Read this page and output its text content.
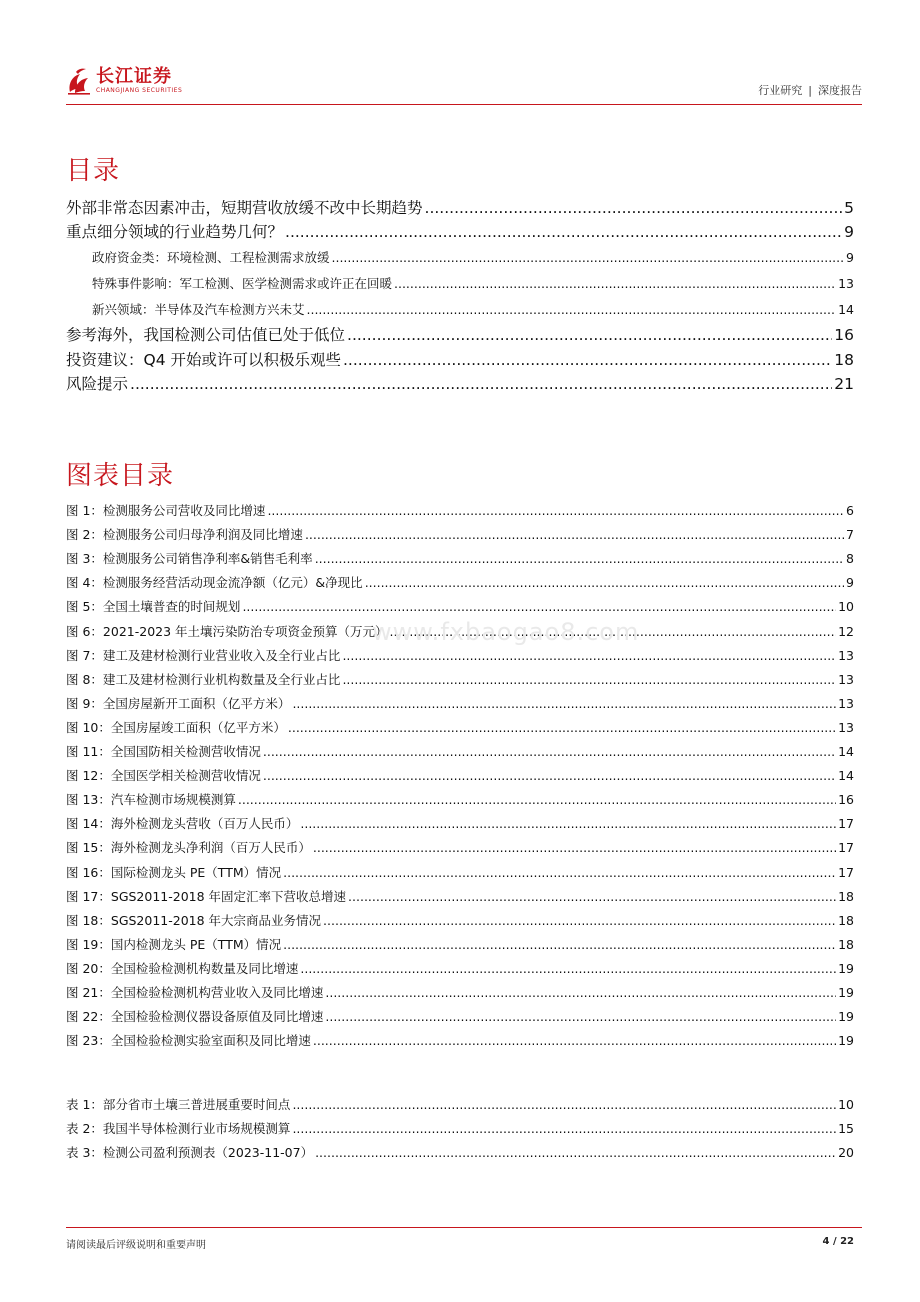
长江证券
CHANGJIANG SECURITIES	行业研究 | 深度报告
目录
外部非常态因素冲击，短期营收放缓不改中长期趋势 .....	5
重点细分领域的行业趋势几何？ .....	9
政府资金类：环境检测、工程检测需求放缓 .....	9
特殊事件影响：军工检测、医学检测需求或许正在回暖 .....	13
新兴领域：半导体及汽车检测方兴未艾 .....	14
参考海外，我国检测公司估值已处于低位 .....	16
投资建议：Q4 开始或许可以积极乐观些 .....	18
风险提示 .....	21
图表目录
图 1：检测服务公司营收及同比增速 .....	6
图 2：检测服务公司归母净利润及同比增速 .....	7
图 3：检测服务公司销售净利率&销售毛利率 .....	8
图 4：检测服务经营活动现金流净额（亿元）&净现比 .....	9
图 5：全国土壤普查的时间规划 .....	10
图 6：2021-2023 年土壤污染防治专项资金预算（万元） .....	12
图 7：建工及建材检测行业营业收入及全行业占比 .....	13
图 8：建工及建材检测行业机构数量及全行业占比 .....	13
图 9：全国房屋新开工面积（亿平方米） .....	13
图 10：全国房屋竣工面积（亿平方米） .....	13
图 11：全国国防相关检测营收情况 .....	14
图 12：全国医学相关检测营收情况 .....	14
图 13：汽车检测市场规模测算 .....	16
图 14：海外检测龙头营收（百万人民币） .....	17
图 15：海外检测龙头净利润（百万人民币） .....	17
图 16：国际检测龙头 PE（TTM）情况 .....	17
图 17：SGS2011-2018 年固定汇率下营收总增速 .....	18
图 18：SGS2011-2018 年大宗商品业务情况 .....	18
图 19：国内检测龙头 PE（TTM）情况 .....	18
图 20：全国检验检测机构数量及同比增速 .....	19
图 21：全国检验检测机构营业收入及同比增速 .....	19
图 22：全国检验检测仪器设备原值及同比增速 .....	19
图 23：全国检验检测实验室面积及同比增速 .....	19
表 1：部分省市土壤三普进展重要时间点 .....	10
表 2：我国半导体检测行业市场规模测算 .....	15
表 3：检测公司盈利预测表（2023-11-07） .....	20
www.fxbaogao8.com
请阅读最后评级说明和重要声明	4 / 22
